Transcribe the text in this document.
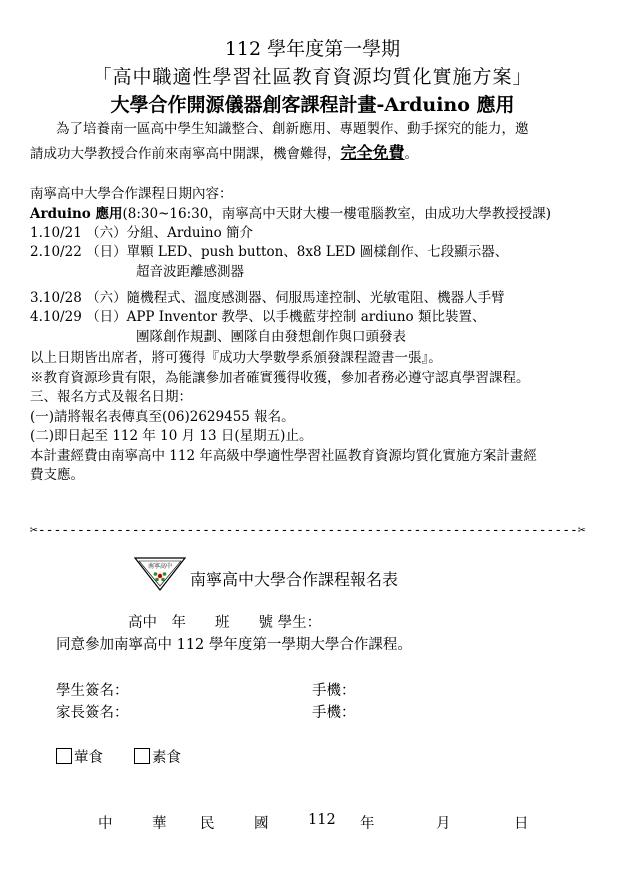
112 學年度第一學期
「高中職適性學習社區教育資源均質化實施方案」
大學合作開源儀器創客課程計畫-Arduino 應用
為了培養南一區高中學生知識整合、創新應用、專題製作、動手探究的能力，邀
請成功大學教授合作前來南寧高中開課，機會難得，完全免費。
南寧高中大學合作課程日期內容：
Arduino 應用(8:30~16:30，南寧高中天財大樓一樓電腦教室，由成功大學教授授課)
1.10/21 （六）分組、Arduino 簡介
2.10/22 （日）單顆 LED、push button、8x8 LED 圖樣創作、七段顯示器、
超音波距離感測器
3.10/28 （六）隨機程式、溫度感測器、伺服馬達控制、光敏電阻、機器人手臂
4.10/29 （日）APP Inventor 教學、以手機藍芽控制 ardiuno 類比裝置、
團隊創作規劃、團隊自由發想創作與口頭發表
以上日期皆出席者，將可獲得『成功大學數學系頒發課程證書一張』。
※教育資源珍貴有限，為能讓參加者確實獲得收獲，參加者務必遵守認真學習課程。
三、報名方式及報名日期：
(一)請將報名表傳真至(06)2629455 報名。
(二)即日起至 112 年 10 月 13 日(星期五)止。
本計畫經費由南寧高中 112 年高級中學適性學習社區教育資源均質化實施方案計畫經
費支應。
✂---------------------------------------------------------------------✂
南寧高中
南寧高中大學合作課程報名表
高中　年　　班　　號 學生：
同意參加南寧高中 112 學年度第一學期大學合作課程。
學生簽名：	手機：
家長簽名：	手機：
葷食	素食
中	華 民	國	112 年	月	日
